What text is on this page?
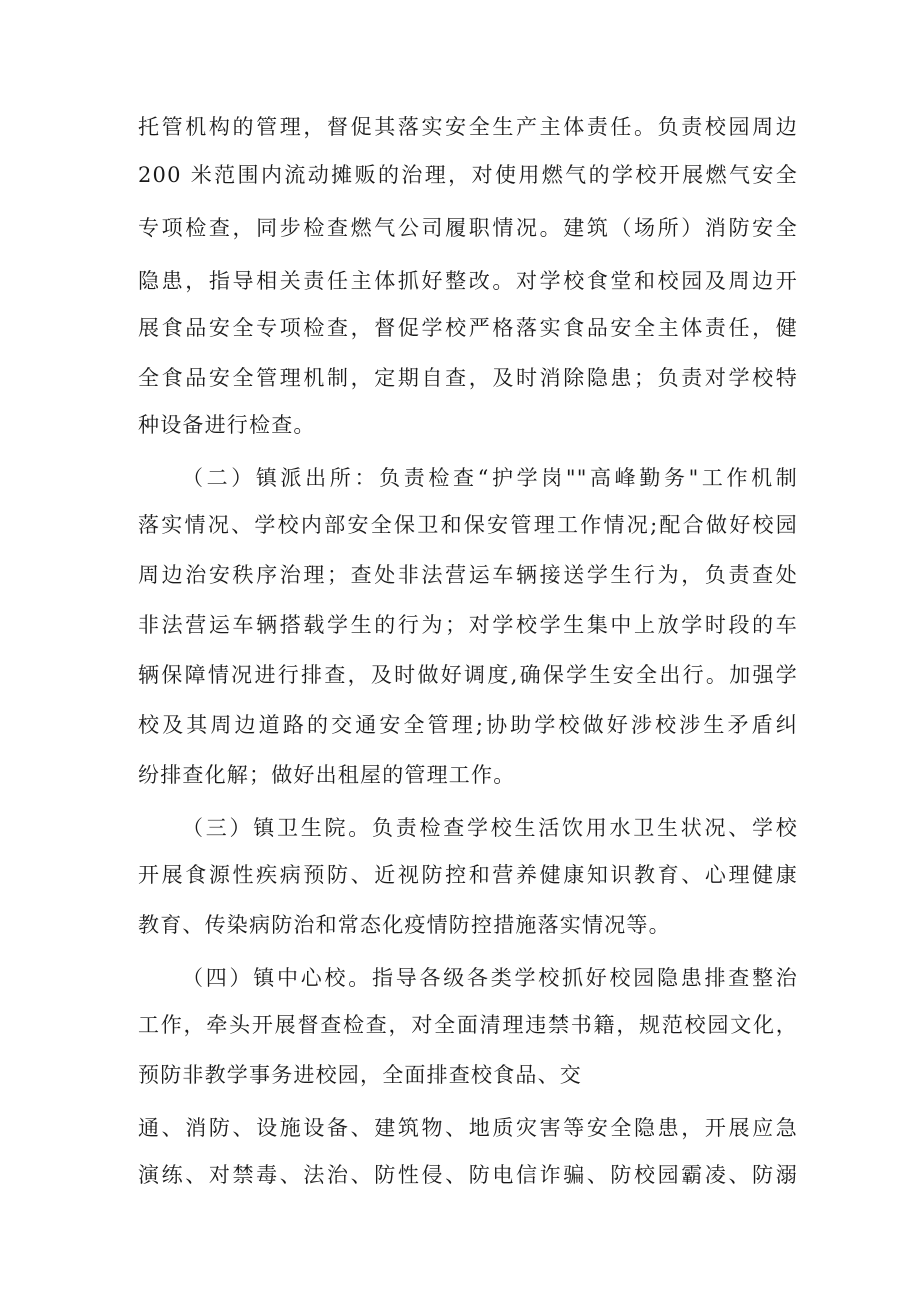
托管机构的管理，督促其落实安全生产主体责任。负责校园周边
200 米范围内流动摊贩的治理，对使用燃气的学校开展燃气安全
专项检查，同步检查燃气公司履职情况。建筑（场所）消防安全
隐患，指导相关责任主体抓好整改。对学校食堂和校园及周边开
展食品安全专项检查，督促学校严格落实食品安全主体责任，健
全食品安全管理机制，定期自查，及时消除隐患；负责对学校特
种设备进行检查。
（二）镇派出所：负责检查“护学岗""高峰勤务"工作机制
落实情况、学校内部安全保卫和保安管理工作情况;配合做好校园
周边治安秩序治理；查处非法营运车辆接送学生行为，负责查处
非法营运车辆搭载学生的行为；对学校学生集中上放学时段的车
辆保障情况进行排查，及时做好调度,确保学生安全出行。加强学
校及其周边道路的交通安全管理;协助学校做好涉校涉生矛盾纠
纷排查化解；做好出租屋的管理工作。
（三）镇卫生院。负责检查学校生活饮用水卫生状况、学校
开展食源性疾病预防、近视防控和营养健康知识教育、心理健康
教育、传染病防治和常态化疫情防控措施落实情况等。
（四）镇中心校。指导各级各类学校抓好校园隐患排查整治
工作，牵头开展督查检查，对全面清理违禁书籍，规范校园文化，
预防非教学事务进校园，全面排查校食品、交
通、消防、设施设备、建筑物、地质灾害等安全隐患，开展应急
演练、对禁毒、法治、防性侵、防电信诈骗、防校园霸凌、防溺
